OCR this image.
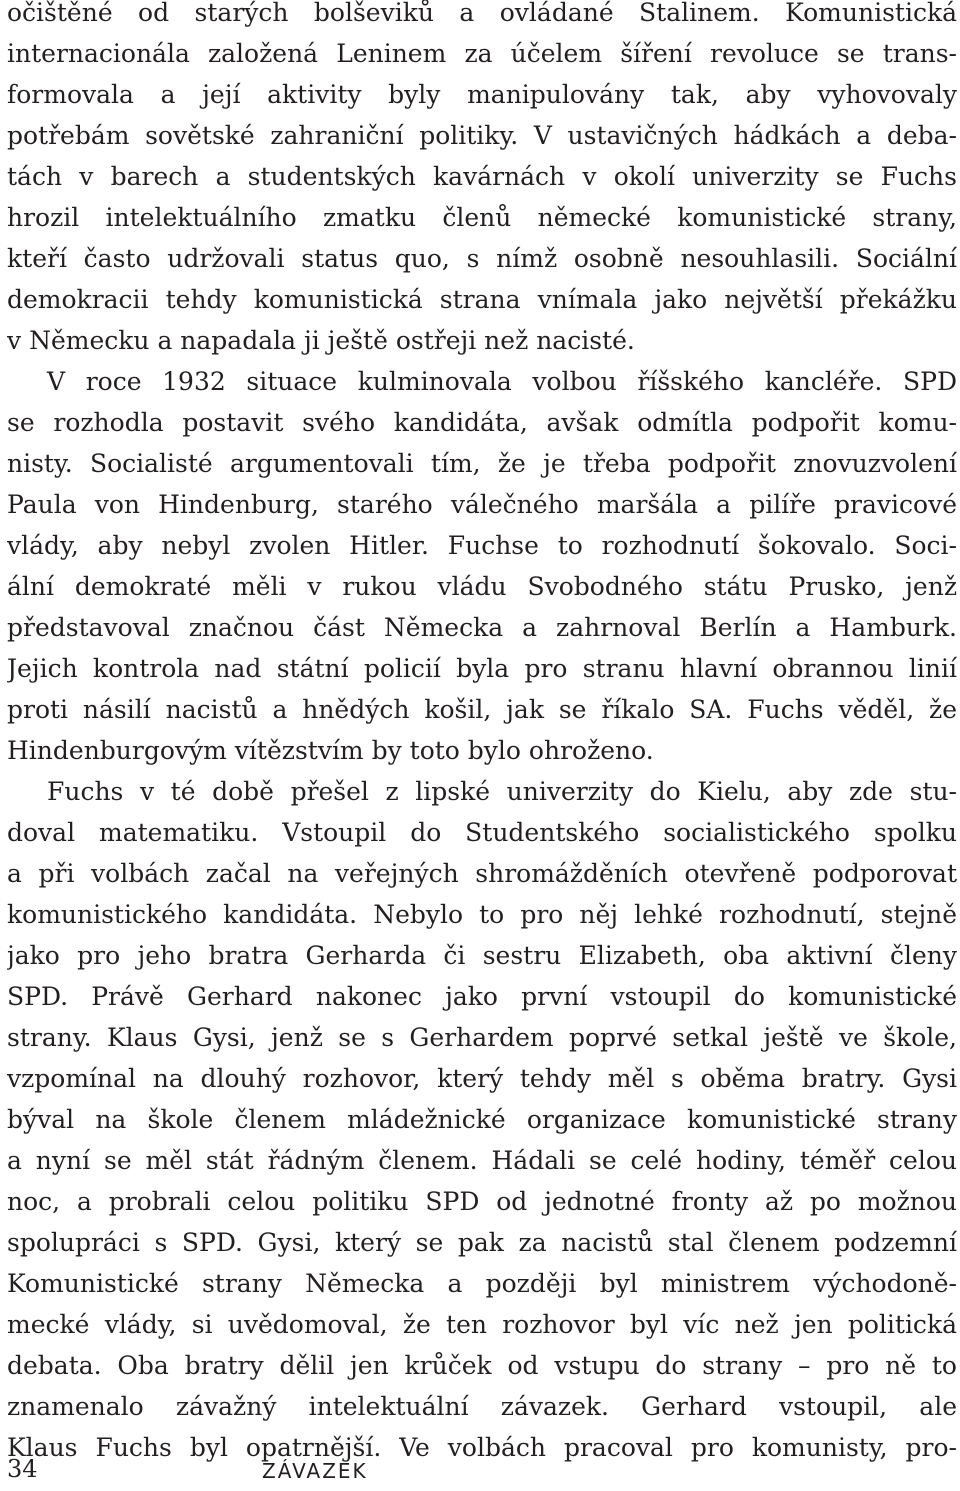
očištěné od starých bolševiků a ovládané Stalinem. Komunistická
internacionála založená Leninem za účelem šíření revoluce se trans-
formovala a její aktivity byly manipulovány tak, aby vyhovovaly
potřebám sovětské zahraniční politiky. V ustavičných hádkách a deba-
tách v barech a studentských kavárnách v okolí univerzity se Fuchs
hrozil intelektuálního zmatku členů německé komunistické strany,
kteří často udržovali status quo, s nímž osobně nesouhlasili. Sociální
demokracii tehdy komunistická strana vnímala jako největší překážku
v Německu a napadala ji ještě ostřeji než nacisté.
V roce 1932 situace kulminovala volbou říšského kancléře. SPD
se rozhodla postavit svého kandidáta, avšak odmítla podpořit komu-
nisty. Socialisté argumentovali tím, že je třeba podpořit znovuzvolení
Paula von Hindenburg, starého válečného maršála a pilíře pravicové
vlády, aby nebyl zvolen Hitler. Fuchse to rozhodnutí šokovalo. Soci-
ální demokraté měli v rukou vládu Svobodného státu Prusko, jenž
představoval značnou část Německa a zahrnoval Berlín a Hamburk.
Jejich kontrola nad státní policií byla pro stranu hlavní obrannou linií
proti násilí nacistů a hnědých košil, jak se říkalo SA. Fuchs věděl, že
Hindenburgovým vítězstvím by toto bylo ohroženo.
Fuchs v té době přešel z lipské univerzity do Kielu, aby zde stu-
doval matematiku. Vstoupil do Studentského socialistického spolku
a při volbách začal na veřejných shromážděních otevřeně podporovat
komunistického kandidáta. Nebylo to pro něj lehké rozhodnutí, stejně
jako pro jeho bratra Gerharda či sestru Elizabeth, oba aktivní členy
SPD. Právě Gerhard nakonec jako první vstoupil do komunistické
strany. Klaus Gysi, jenž se s Gerhardem poprvé setkal ještě ve škole,
vzpomínal na dlouhý rozhovor, který tehdy měl s oběma bratry. Gysi
býval na škole členem mládežnické organizace komunistické strany
a nyní se měl stát řádným členem. Hádali se celé hodiny, téměř celou
noc, a probrali celou politiku SPD od jednotné fronty až po možnou
spolupráci s SPD. Gysi, který se pak za nacistů stal členem podzemní
Komunistické strany Německa a později byl ministrem východoně-
mecké vlády, si uvědomoval, že ten rozhovor byl víc než jen politická
debata. Oba bratry dělil jen krůček od vstupu do strany – pro ně to
znamenalo závažný intelektuální závazek. Gerhard vstoupil, ale
Klaus Fuchs byl opatrnější. Ve volbách pracoval pro komunisty, pro-
34	ZÁVAZEK
